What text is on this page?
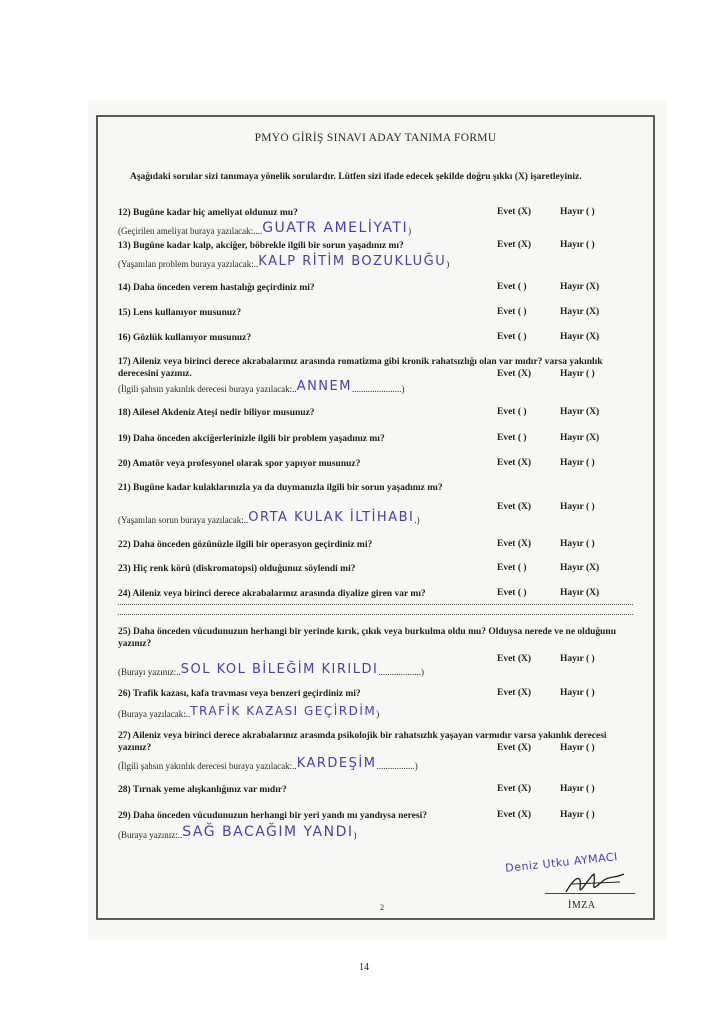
PMYO GİRİŞ SINAVI ADAY TANIMA FORMU
Aşağıdaki sorular sizi tanımaya yönelik sorulardır. Lütfen sizi ifade edecek şekilde doğru şıkkı (X) işaretleyiniz.
12) Bugüne kadar hiç ameliyat oldunuz mu?	Evet (X)	Hayır ( )
(Geçirilen ameliyat buraya yazılacak:....GUATR AMELİYATI)
13) Bugüne kadar kalp, akciğer, böbrekle ilgili bir sorun yaşadınız mı?	Evet (X)	Hayır ( )
(Yaşanılan problem buraya yazılacak:..KALP RİTİM BOZUKLUĞU)
14) Daha önceden verem hastalığı geçirdiniz mi?	Evet ( )	Hayır (X)
15) Lens kullanıyor musunuz?	Evet ( )	Hayır (X)
16) Gözlük kullanıyor musunuz?	Evet ( )	Hayır (X)
17) Aileniz veya birinci derece akrabalarınız arasında romatizma gibi kronik rahatsızlığı olan var mıdır? varsa yakınlık derecesini yazınız.	Evet (X)	Hayır ( )
(İlgili şahsın yakınlık derecesi buraya yazılacak:..ANNEM......................)
18) Ailesel Akdeniz Ateşi nedir biliyor musunuz?	Evet ( )	Hayır (X)
19) Daha önceden akciğerlerinizle ilgili bir problem yaşadınız mı?	Evet ( )	Hayır (X)
20) Amatör veya profesyonel olarak spor yapıyor musunuz?	Evet (X)	Hayır ( )
21) Bugüne kadar kulaklarınızla ya da duymanızla ilgili bir sorun yaşadınız mı?
Evet (X)	Hayır ( )
(Yaşanılan sorun buraya yazılacak:..ORTA KULAK İLTİHABI.)
22) Daha önceden gözünüzle ilgili bir operasyon geçirdiniz mi?	Evet (X)	Hayır ( )
23) Hiç renk körü (diskromatopsi) olduğunuz söylendi mi?	Evet ( )	Hayır (X)
24) Aileniz veya birinci derece akrabalarınız arasında diyalize giren var mı?	Evet ( )	Hayır (X)
25) Daha önceden vücudunuzun herhangi bir yerinde kırık, çıkık veya burkulma oldu mu? Olduysa nerede ve ne olduğunu yazınız?
Evet (X)	Hayır ( )
(Burayı yazınız:..SOL KOL BİLEĞİM KIRILDI...................)
26) Trafik kazası, kafa travması veya benzeri geçirdiniz mi?	Evet (X)	Hayır ( )
(Buraya yazılacak:..TRAFİK KAZASI GEÇİRDİM)
27) Aileniz veya birinci derece akrabalarınız arasında psikolojik bir rahatsızlık yaşayan varmıdır varsa yakınlık derecesi yazınız?	Evet (X)	Hayır ( )
(İlgili şahsın yakınlık derecesi buraya yazılacak:..KARDEŞİM.................)
28) Tırnak yeme alışkanlığınız var mıdır?	Evet (X)	Hayır ( )
29) Daha önceden vücudunuzun herhangi bir yeri yandı mı yandıysa neresi?	Evet (X)	Hayır ( )
(Buraya yazınız:..SAĞ BACAĞIM YANDI)
Deniz Utku AYMACI
İMZA
2
14
